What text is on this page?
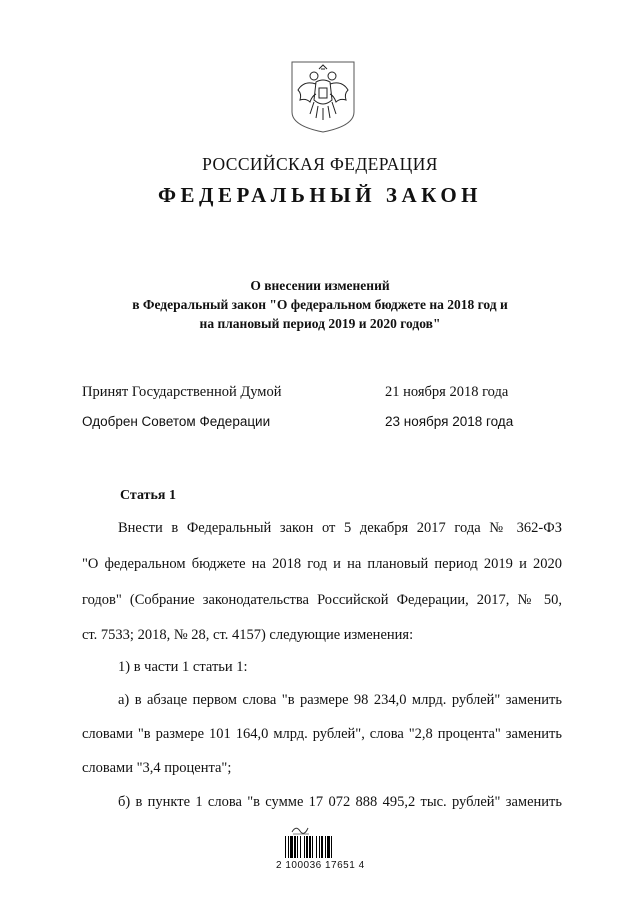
РОССИЙСКАЯ ФЕДЕРАЦИЯ
ФЕДЕРАЛЬНЫЙ ЗАКОН
О внесении изменений
в Федеральный закон "О федеральном бюджете на 2018 год и
на плановый период 2019 и 2020 годов"
Принят Государственной Думой	21 ноября 2018 года
Одобрен Советом Федерации	23 ноября 2018 года
Статья 1
Внести в Федеральный закон от 5 декабря 2017 года № 362-ФЗ
"О федеральном бюджете на 2018 год и на плановый период 2019 и 2020
годов" (Собрание законодательства Российской Федерации, 2017, № 50,
ст. 7533; 2018, № 28, ст. 4157) следующие изменения:
1) в части 1 статьи 1:
а) в абзаце первом слова "в размере 98 234,0 млрд. рублей" заменить
словами "в размере 101 164,0 млрд. рублей", слова "2,8 процента" заменить
словами "3,4 процента";
б) в пункте 1 слова "в сумме 17 072 888 495,2 тыс. рублей" заменить
2 100036 17651 4
